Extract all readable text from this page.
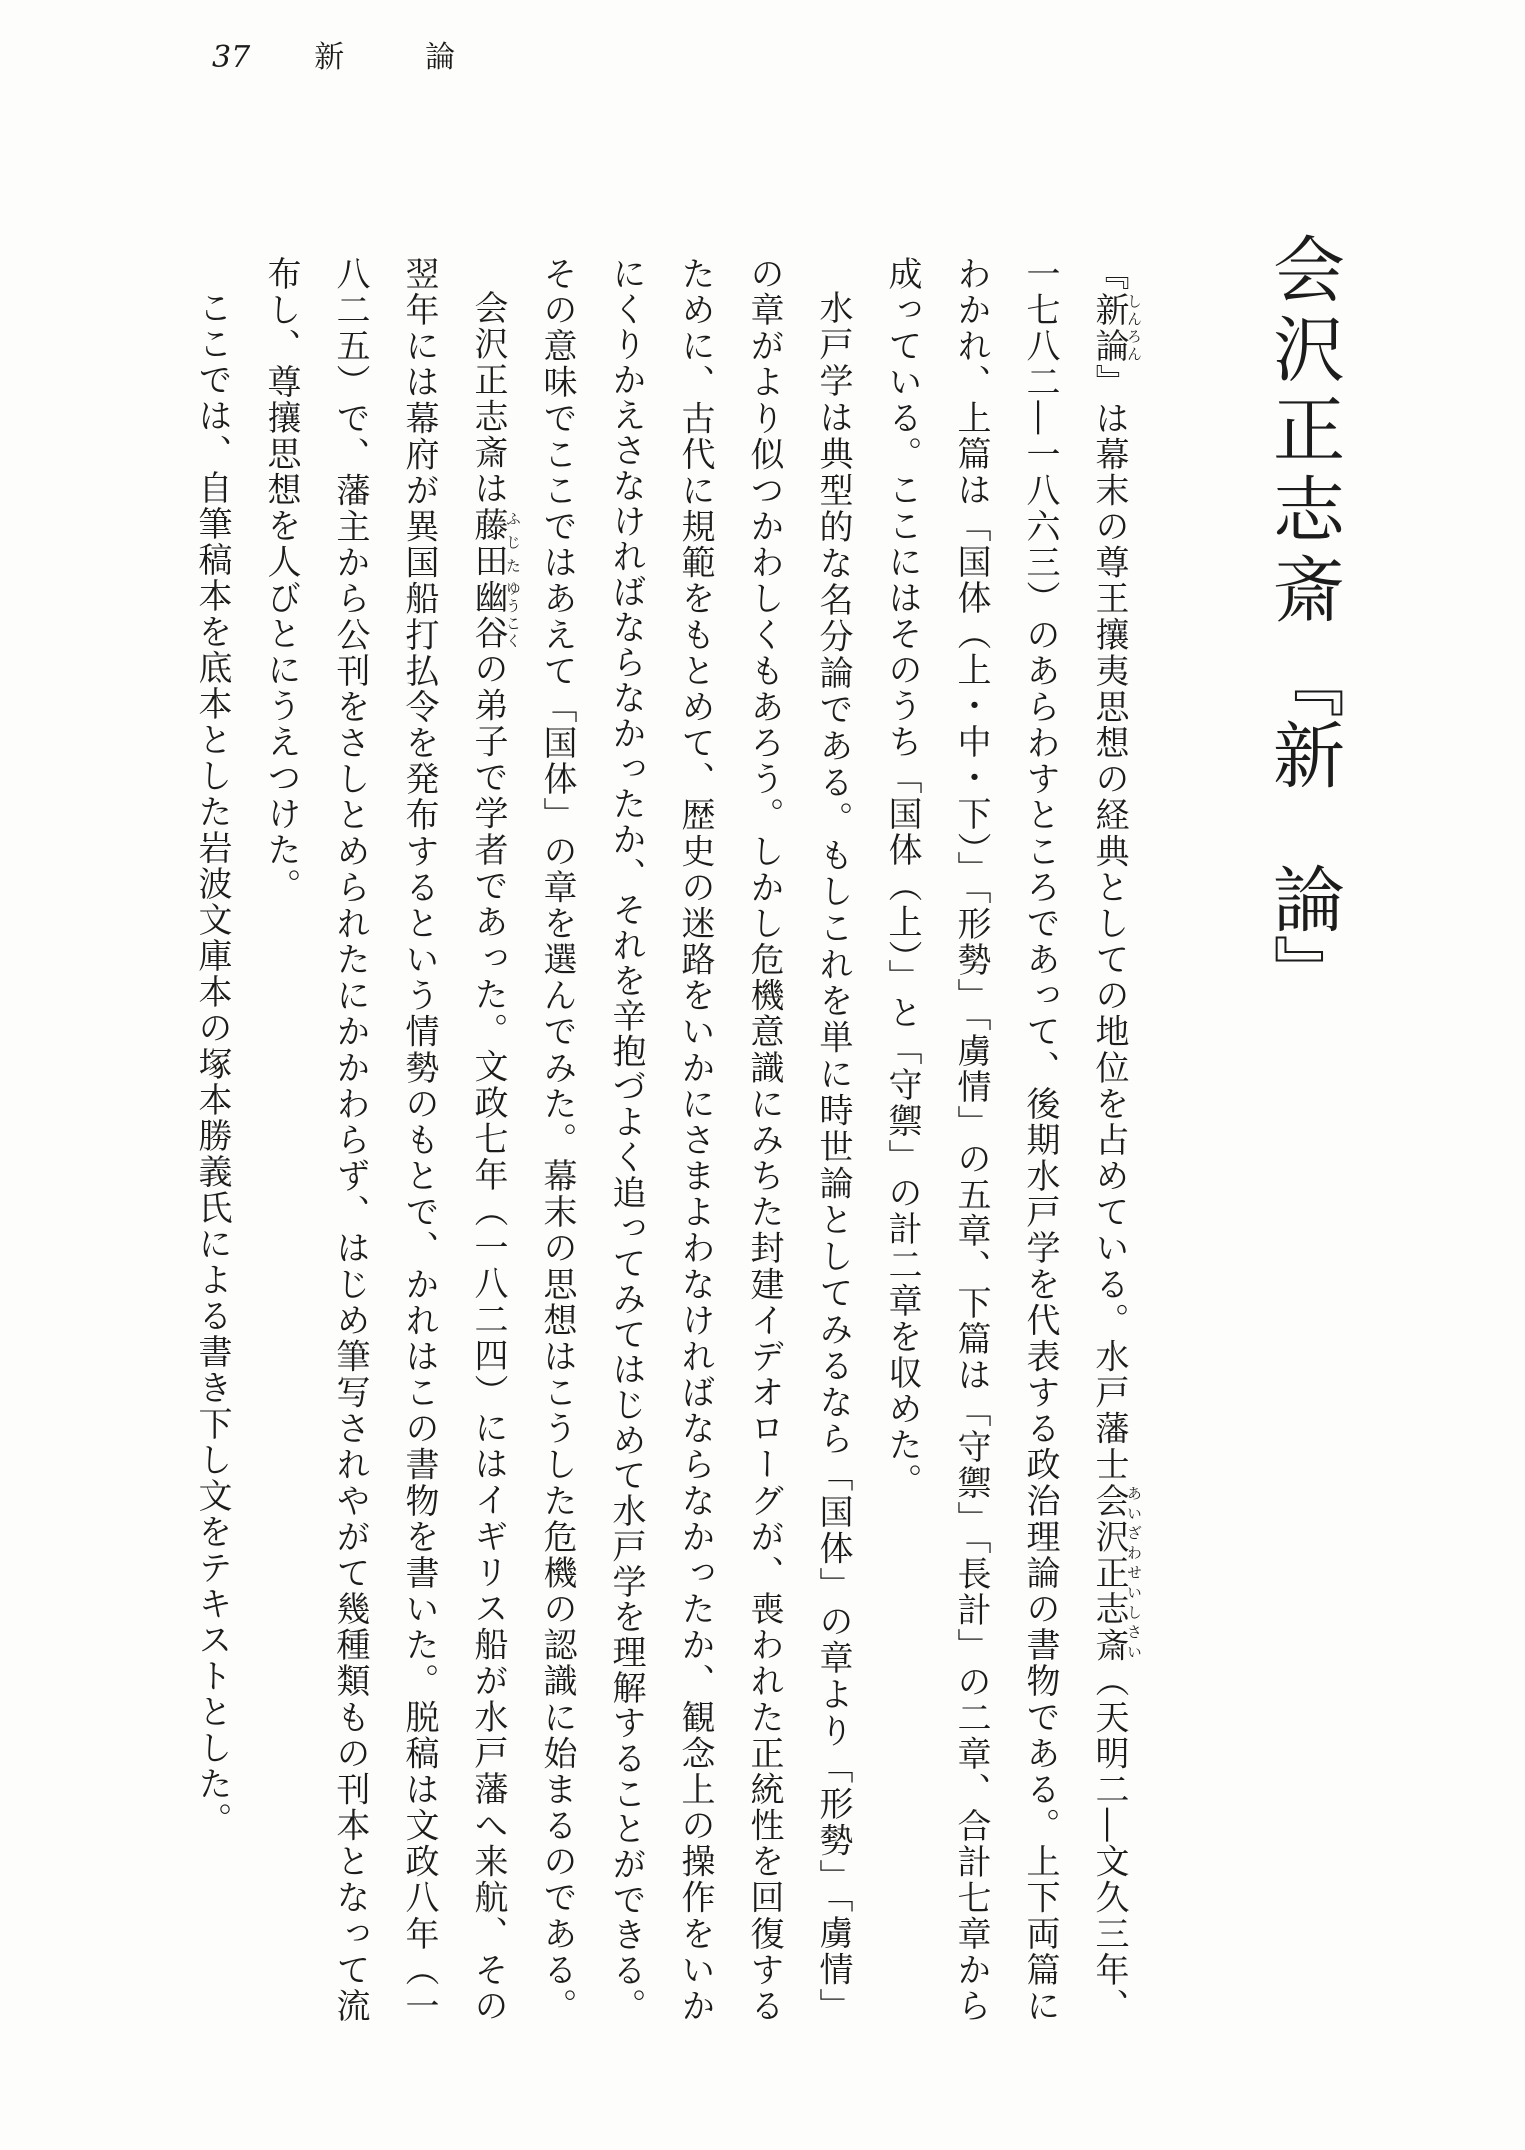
37 新論
会沢正志斎
『新　論』
『新論しんろん』は幕末の尊王攘夷思想の経典としての地位を占めている。水戸藩士会沢正志斎あいざわせいしさい（天明二―文久三年、
一七八二―一八六三）のあらわすところであって、後期水戸学を代表する政治理論の書物である。上下両篇に
わかれ、上篇は「国体（上・中・下）」「形勢」「虜情」の五章、下篇は「守禦」「長計」の二章、合計七章から
成っている。ここにはそのうち「国体（上）」と「守禦」の計二章を収めた。
水戸学は典型的な名分論である。もしこれを単に時世論としてみるなら「国体」の章より「形勢」「虜情」
の章がより似つかわしくもあろう。しかし危機意識にみちた封建イデオローグが、喪われた正統性を回復する
ために、古代に規範をもとめて、歴史の迷路をいかにさまよわなければならなかったか、観念上の操作をいか
にくりかえさなければならなかったか、それを辛抱づよく追ってみてはじめて水戸学を理解することができる。
その意味でここではあえて「国体」の章を選んでみた。幕末の思想はこうした危機の認識に始まるのである。
会沢正志斎は藤田ふじた幽谷ゆうこくの弟子で学者であった。文政七年（一八二四）にはイギリス船が水戸藩へ来航、その
翌年には幕府が異国船打払令を発布するという情勢のもとで、かれはこの書物を書いた。脱稿は文政八年（一
八二五）で、藩主から公刊をさしとめられたにかかわらず、はじめ筆写されやがて幾種類もの刊本となって流
布し、尊攘思想を人びとにうえつけた。
ここでは、自筆稿本を底本とした岩波文庫本の塚本勝義氏による書き下し文をテキストとした。
